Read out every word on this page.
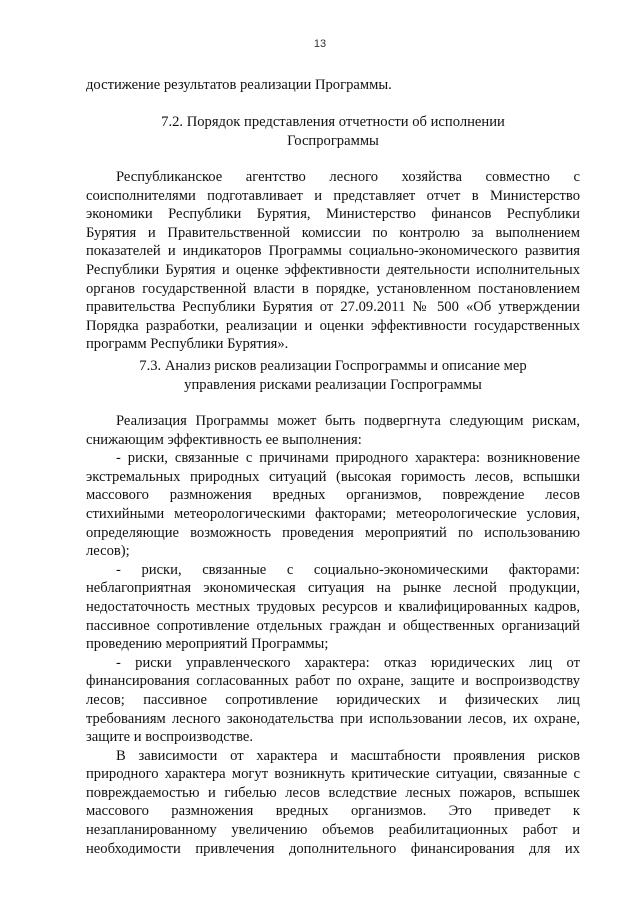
13
достижение результатов реализации Программы.
7.2. Порядок представления отчетности об исполнении
Госпрограммы
Республиканское агентство лесного хозяйства совместно с
соисполнителями подготавливает и представляет отчет в Министерство
экономики Республики Бурятия, Министерство финансов Республики
Бурятия и Правительственной комиссии по контролю за выполнением
показателей и индикаторов Программы социально-экономического развития
Республики Бурятия и оценке эффективности деятельности исполнительных
органов государственной власти в порядке, установленном постановлением
правительства Республики Бурятия от 27.09.2011 № 500 «Об утверждении
Порядка разработки, реализации и оценки эффективности государственных
программ Республики Бурятия».
7.3. Анализ рисков реализации Госпрограммы и описание мер
управления рисками реализации Госпрограммы
Реализация Программы может быть подвергнута следующим рискам,
снижающим эффективность ее выполнения:
- риски, связанные с причинами природного характера: возникновение
экстремальных природных ситуаций (высокая горимость лесов, вспышки
массового размножения вредных организмов, повреждение лесов
стихийными метеорологическими факторами; метеорологические условия,
определяющие возможность проведения мероприятий по использованию
лесов);
- риски, связанные с социально-экономическими факторами:
неблагоприятная экономическая ситуация на рынке лесной продукции,
недостаточность местных трудовых ресурсов и квалифицированных кадров,
пассивное сопротивление отдельных граждан и общественных организаций
проведению мероприятий Программы;
- риски управленческого характера: отказ юридических лиц от
финансирования согласованных работ по охране, защите и воспроизводству
лесов; пассивное сопротивление юридических и физических лиц
требованиям лесного законодательства при использовании лесов, их охране,
защите и воспроизводстве.
В зависимости от характера и масштабности проявления рисков
природного характера могут возникнуть критические ситуации, связанные с
повреждаемостью и гибелью лесов вследствие лесных пожаров, вспышек
массового размножения вредных организмов. Это приведет к
незапланированному увеличению объемов реабилитационных работ и
необходимости привлечения дополнительного финансирования для их
